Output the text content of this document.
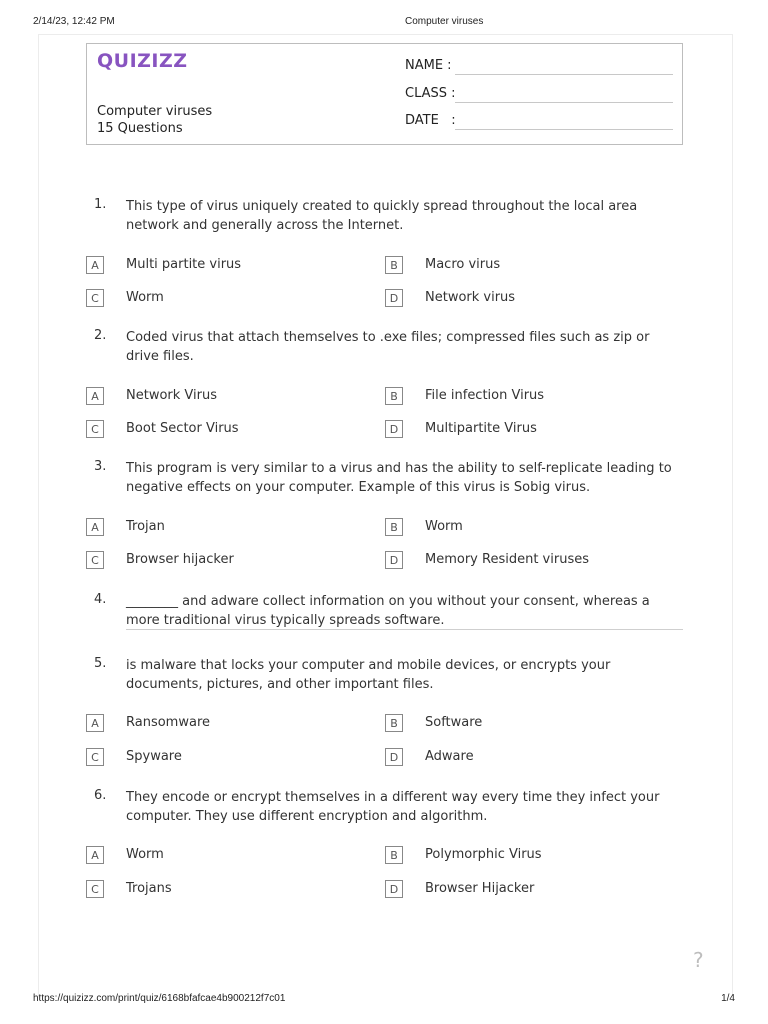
2/14/23, 12:42 PM	Computer viruses
QUIZIZZ
Computer viruses
15 Questions
NAME :
CLASS :
DATE   :
1. This type of virus uniquely created to quickly spread throughout the local area network and generally across the Internet.
A	Multi partite virus	B	Macro virus
C	Worm	D	Network virus
2. Coded virus that attach themselves to .exe files; compressed files such as zip or drive files.
A	Network Virus	B	File infection Virus
C	Boot Sector Virus	D	Multipartite Virus
3. This program is very similar to a virus and has the ability to self-replicate leading to negative effects on your computer. Example of this virus is Sobig virus.
A	Trojan	B	Worm
C	Browser hijacker	D	Memory Resident viruses
4. ________ and adware collect information on you without your consent, whereas a more traditional virus typically spreads software.
5. is malware that locks your computer and mobile devices, or encrypts your documents, pictures, and other important files.
A	Ransomware	B	Software
C	Spyware	D	Adware
6. They encode or encrypt themselves in a different way every time they infect your computer. They use different encryption and algorithm.
A	Worm	B	Polymorphic Virus
C	Trojans	D	Browser Hijacker
?
https://quizizz.com/print/quiz/6168bfafcae4b900212f7c01	1/4
